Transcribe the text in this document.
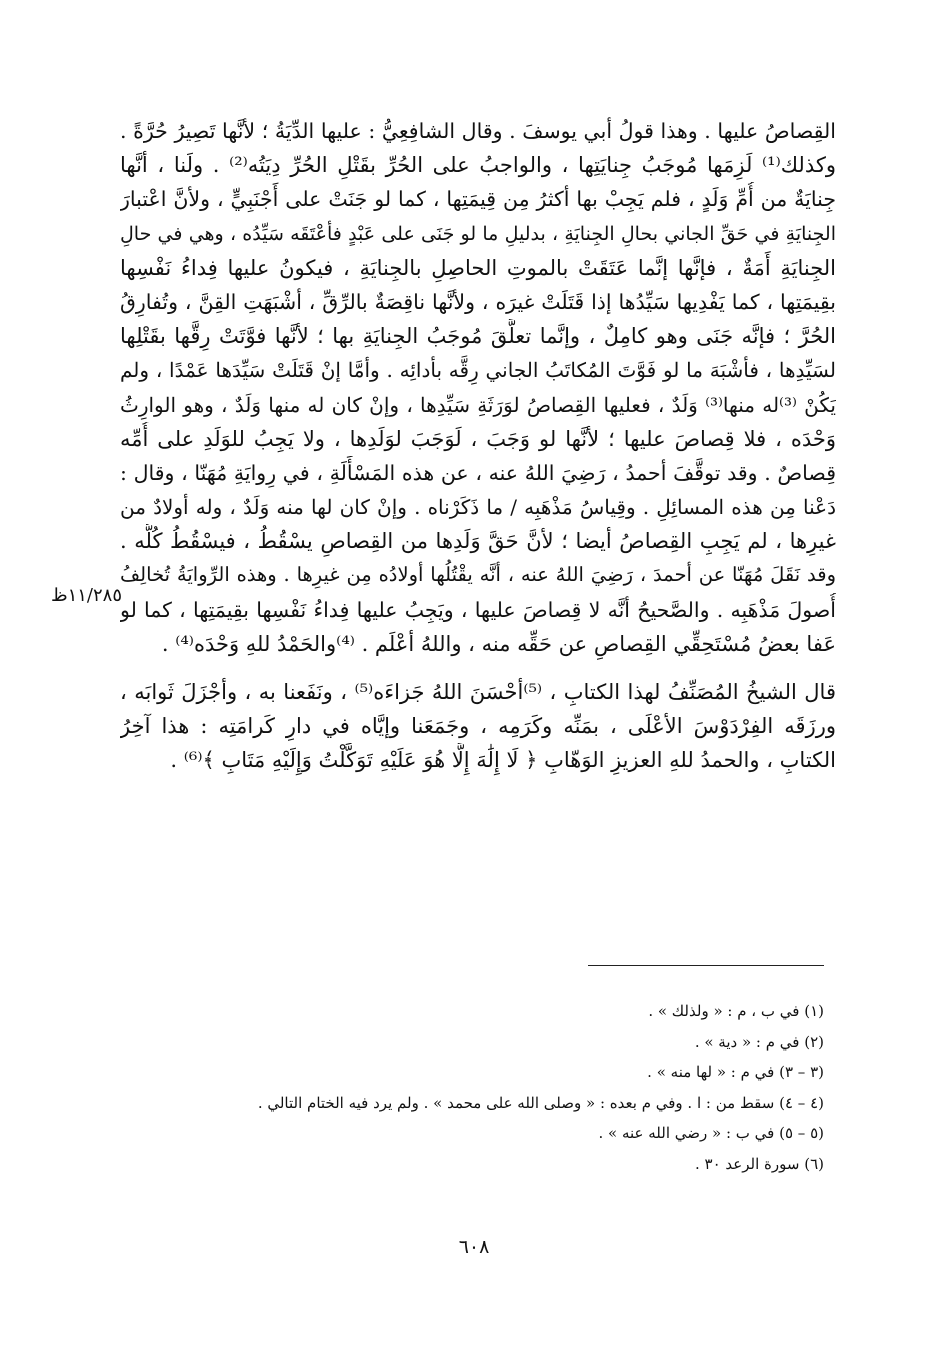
القِصاصُ عليها . وهذا قولُ أبي يوسفَ . وقال الشافِعِيُّ : عليها الدِّيَةُ ؛ لأنَّها تَصِيرُ حُرَّةً .
وكذلك⁽¹⁾ لَزِمَها مُوجَبُ جِنايَتِها ، والواجبُ على الحُرِّ بقَتْلِ الحُرِّ دِيَتُه⁽²⁾ . ولَنا ، أنَّها
جِنايَةٌ من أُمِّ وَلَدٍ ، فلم يَجِبْ بها أكثرُ مِن قِيمَتِها ، كما لو جَنَتْ على أَجْنَبِيٍّ ، ولأنَّ اعْتبارَ
الجِنايَةِ في حَقِّ الجاني بحالِ الجِنايَةِ ، بدليلِ ما لو جَنَى على عَبْدٍ فأعْتَقَه سَيِّدُه ، وهي في حالِ
الجِنايَةِ أَمَةٌ ، فإنَّها إنَّما عَتَقَتْ بالموتِ الحاصِلِ بالجِنايَةِ ، فيكونُ عليها فِداءُ نَفْسِها
بقِيمَتِها ، كما يَفْدِيها سَيِّدُها إذا قَتَلَتْ غيرَه ، ولأنَّها ناقِصَةٌ بالرِّقِّ ، أشْبَهَتِ القِنَّ ، وتُفارِقُ
الحُرَّ ؛ فإنَّه جَنَى وهو كامِلٌ ، وإنَّما تعلَّقَ مُوجَبُ الجِنايَةِ بها ؛ لأنَّها فوَّتَتْ رِقَّها بقَتْلِها
لسَيِّدِها ، فأشْبَهَ ما لو فَوَّتَ المُكاتَبُ الجاني رِقَّه بأدائِه . وأمَّا إنْ قَتَلَتْ سَيِّدَها عَمْدًا ، ولم
يَكُنْ ⁽³⁾له منها⁽³⁾ وَلَدٌ ، فعليها القِصاصُ لوَرَثَةِ سَيِّدِها ، وإنْ كان له منها وَلَدٌ ، وهو الوارِثُ
وَحْدَه ، فلا قِصاصَ عليها ؛ لأنَّها لو وَجَبَ ، لَوَجَبَ لوَلَدِها ، ولا يَجِبُ للوَلَدِ على أُمِّه
قِصاصٌ . وقد توقَّفَ أحمدُ ، رَضِيَ اللهُ عنه ، عن هذه المَسْأَلَةِ ، في رِوايَةِ مُهَنّا ، وقال :
دَعْنا مِن هذه المسائِلِ . وقِياسُ مَذْهَبِه / ما ذَكَرْناه . وإنْ كان لها منه وَلَدٌ ، وله أولادٌ من
غيرِها ، لم يَجِبِ القِصاصُ أيضا ؛ لأنَّ حَقَّ وَلَدِها من القِصاصِ يسْقُطُ ، فيسْقُطُ كُلُّه .
وقد نَقَلَ مُهَنّا عن أحمدَ ، رَضِيَ اللهُ عنه ، أنَّه يقْتُلُها أولادُه مِن غيرِها . وهذه الرِّوايَةُ تُخالِفُ
أُصولَ مَذْهَبِه . والصَّحيحُ أنَّه لا قِصاصَ عليها ، ويَجِبُ عليها فِداءُ نَفْسِها بقِيمَتِها ، كما لو
عَفا بعضُ مُسْتَحِقِّي القِصاصِ عن حَقِّه منه ، واللهُ أعْلَم . ⁽⁴⁾والحَمْدُ للهِ وَحْدَه⁽⁴⁾ .

قال الشيخُ المُصَنِّفُ لهذا الكتابِ ، ⁽⁵⁾أحْسَنَ اللهُ جَزاءَه⁽⁵⁾ ، ونَفَعنا به ، وأجْزَلَ ثَوابَه ،
ورزَقَه الفِرْدَوْسَ الأعْلَى ، بمَنِّه وكَرَمِه ، وجَمَعَنا وإيَّاه في دارِ كَرامَتِه : هذا آخِرُ
الكتابِ ، والحمدُ للهِ العزيزِ الوَهّابِ ﴿ لَا إِلَٰهَ إِلَّا هُوَ عَلَيْهِ تَوَكَّلْتُ وَإِلَيْهِ مَتَابِ ﴾⁽⁶⁾ .

١١/٢٨٥ظ
(١) في ب ، م : « ولذلك » .
(٢) في م : « دية » .
(٣ – ٣) في م : « لها منه » .
(٤ – ٤) سقط من : ا . وفي م بعده : « وصلى الله على محمد » . ولم يرد فيه الختام التالي .
(٥ – ٥) في ب : « رضي الله عنه » .
(٦) سورة الرعد ٣٠ .
٦٠٨
